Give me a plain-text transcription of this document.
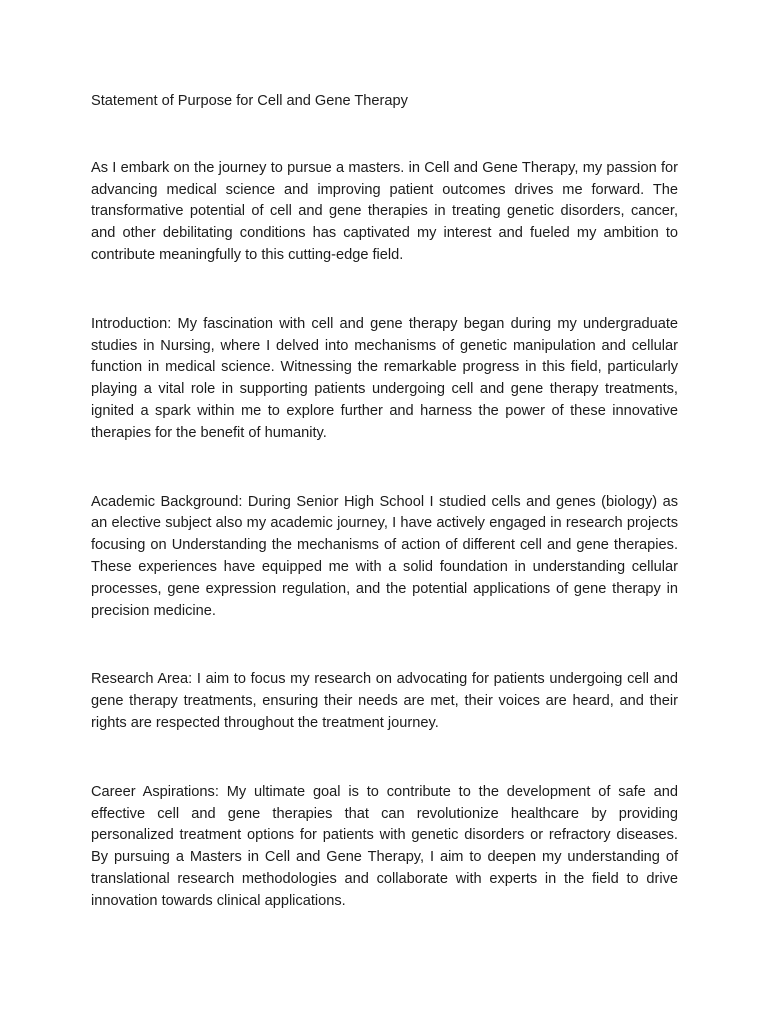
Statement of Purpose for Cell and Gene Therapy

As I embark on the journey to pursue a masters. in Cell and Gene Therapy, my passion for advancing medical science and improving patient outcomes drives me forward. The transformative potential of cell and gene therapies in treating genetic disorders, cancer, and other debilitating conditions has captivated my interest and fueled my ambition to contribute meaningfully to this cutting-edge field.

Introduction: My fascination with cell and gene therapy began during my undergraduate studies in Nursing, where I delved into mechanisms of genetic manipulation and cellular function in medical science. Witnessing the remarkable progress in this field, particularly playing a vital role in supporting patients undergoing cell and gene therapy treatments, ignited a spark within me to explore further and harness the power of these innovative therapies for the benefit of humanity.

Academic Background: During Senior High School I studied cells and genes (biology) as an elective subject also my academic journey, I have actively engaged in research projects focusing on Understanding the mechanisms of action of different cell and gene therapies. These experiences have equipped me with a solid foundation in understanding cellular processes, gene expression regulation, and the potential applications of gene therapy in precision medicine.

Research Area: I aim to focus my research on advocating for patients undergoing cell and gene therapy treatments, ensuring their needs are met, their voices are heard, and their rights are respected throughout the treatment journey.

Career Aspirations: My ultimate goal is to contribute to the development of safe and effective cell and gene therapies that can revolutionize healthcare by providing personalized treatment options for patients with genetic disorders or refractory diseases. By pursuing a Masters in Cell and Gene Therapy, I aim to deepen my understanding of translational research methodologies and collaborate with experts in the field to drive innovation towards clinical applications.
